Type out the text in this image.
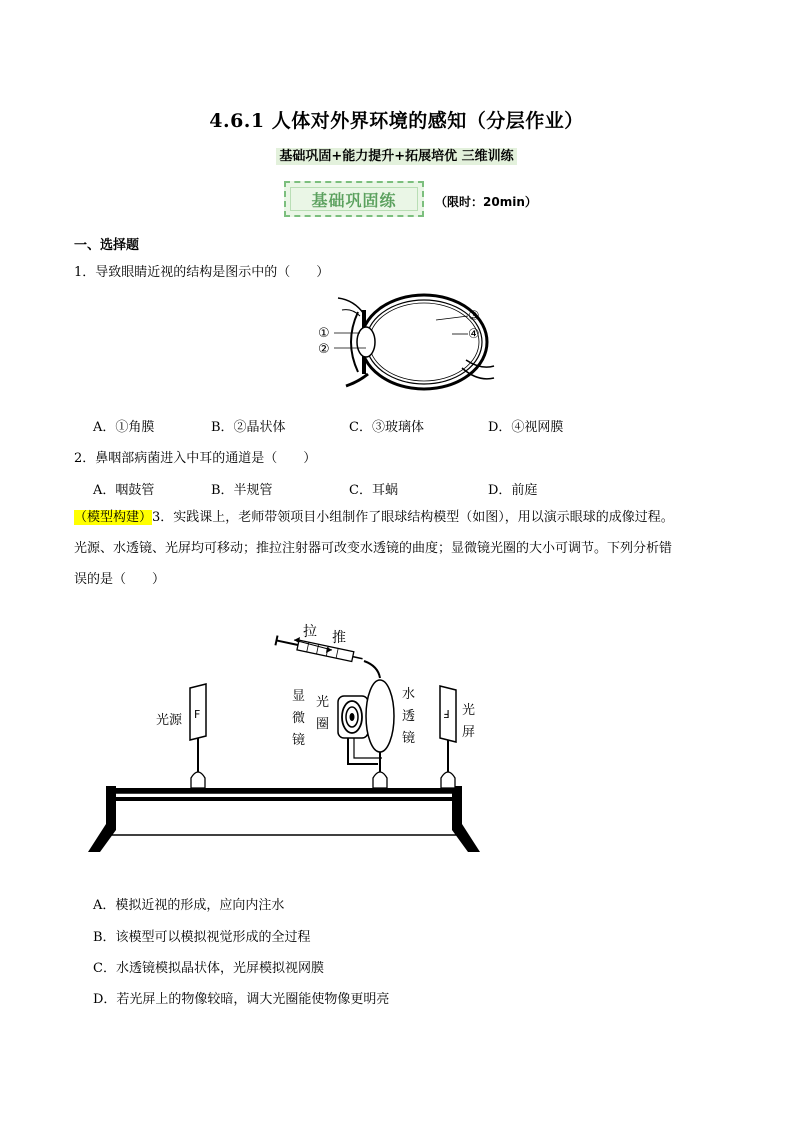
4.6.1 人体对外界环境的感知（分层作业）
基础巩固+能力提升+拓展培优 三维训练
基础巩固练	（限时：20min）
一、选择题
1．导致眼睛近视的结构是图示中的（　　）
①
②
③
④
A．①角膜	B．②晶状体	C．③玻璃体	D．④视网膜
2．鼻咽部病菌进入中耳的通道是（　　）
A．咽鼓管	B．半规管	C．耳蜗	D．前庭
（模型构建）3．实践课上，老师带领项目小组制作了眼球结构模型（如图），用以演示眼球的成像过程。
光源、水透镜、光屏均可移动；推拉注射器可改变水透镜的曲度；显微镜光圈的大小可调节。下列分析错
误的是（　　）
拉 推
F
光源
显
微
镜
光
圈
水
透
镜
Ⅎ 光
屏
A．模拟近视的形成，应向内注水
B．该模型可以模拟视觉形成的全过程
C．水透镜模拟晶状体，光屏模拟视网膜
D．若光屏上的物像较暗，调大光圈能使物像更明亮
